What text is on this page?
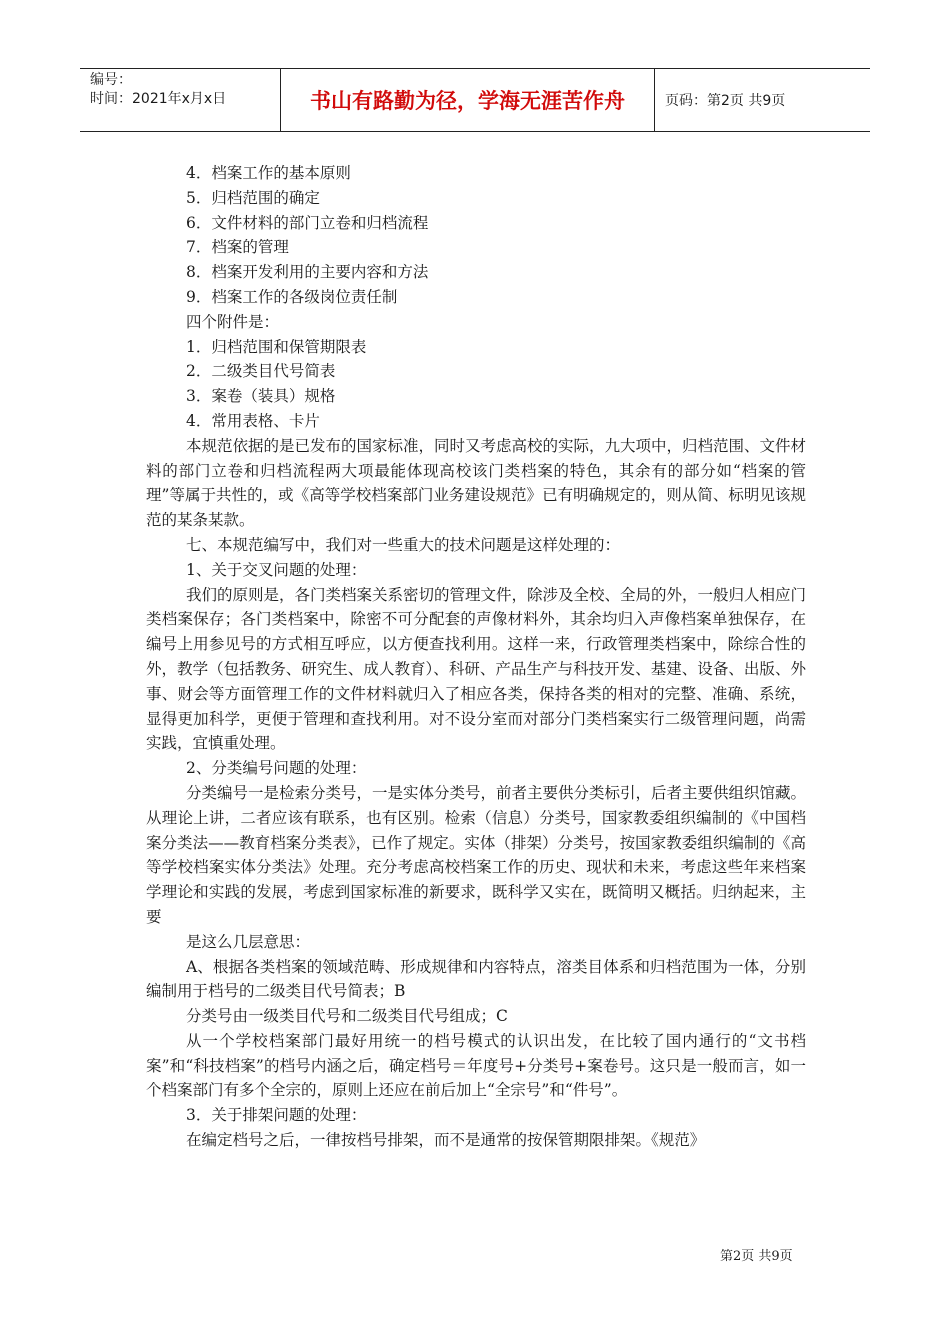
编号：
时间：2021年x月x日	书山有路勤为径，学海无涯苦作舟	页码：第2页 共9页

4．档案工作的基本原则

5．归档范围的确定

6．文件材料的部门立卷和归档流程

7．档案的管理

8．档案开发利用的主要内容和方法

9．档案工作的各级岗位责任制

四个附件是：

1．归档范围和保管期限表

2．二级类目代号简表

3．案卷（装具）规格

4．常用表格、卡片

本规范依据的是已发布的国家标准，同时又考虑高校的实际，九大项中，归档范围、文件材料的部门立卷和归档流程两大项最能体现高校该门类档案的特色，其余有的部分如“档案的管理”等属于共性的，或《高等学校档案部门业务建设规范》已有明确规定的，则从简、标明见该规范的某条某款。

七、本规范编写中，我们对一些重大的技术问题是这样处理的：

1、关于交叉问题的处理：

我们的原则是，各门类档案关系密切的管理文件，除涉及全校、全局的外，一般归人相应门类档案保存；各门类档案中，除密不可分配套的声像材料外，其余均归入声像档案单独保存，在编号上用参见号的方式相互呼应，以方便查找利用。这样一来，行政管理类档案中，除综合性的外，教学（包括教务、研究生、成人教育）、科研、产品生产与科技开发、基建、设备、出版、外事、财会等方面管理工作的文件材料就归入了相应各类，保持各类的相对的完整、准确、系统，显得更加科学，更便于管理和查找利用。对不设分室而对部分门类档案实行二级管理问题，尚需实践，宜慎重处理。

2、分类编号问题的处理：

分类编号一是检索分类号，一是实体分类号，前者主要供分类标引，后者主要供组织馆藏。从理论上讲，二者应该有联系，也有区别。检索（信息）分类号，国家教委组织编制的《中国档案分类法——教育档案分类表》，已作了规定。实体（排架）分类号，按国家教委组织编制的《高等学校档案实体分类法》处理。充分考虑高校档案工作的历史、现状和未来，考虑这些年来档案学理论和实践的发展，考虑到国家标准的新要求，既科学又实在，既简明又概括。归纳起来，主要

是这么几层意思：

A、根据各类档案的领域范畴、形成规律和内容特点，溶类目体系和归档范围为一体，分别编制用于档号的二级类目代号简表；B

分类号由一级类目代号和二级类目代号组成；C

从一个学校档案部门最好用统一的档号模式的认识出发，在比较了国内通行的“文书档案”和“科技档案”的档号内涵之后，确定档号＝年度号+分类号+案卷号。这只是一般而言，如一个档案部门有多个全宗的，原则上还应在前后加上“全宗号”和“件号”。

3．关于排架问题的处理：

在编定档号之后，一律按档号排架，而不是通常的按保管期限排架。《规范》

第2页 共9页
